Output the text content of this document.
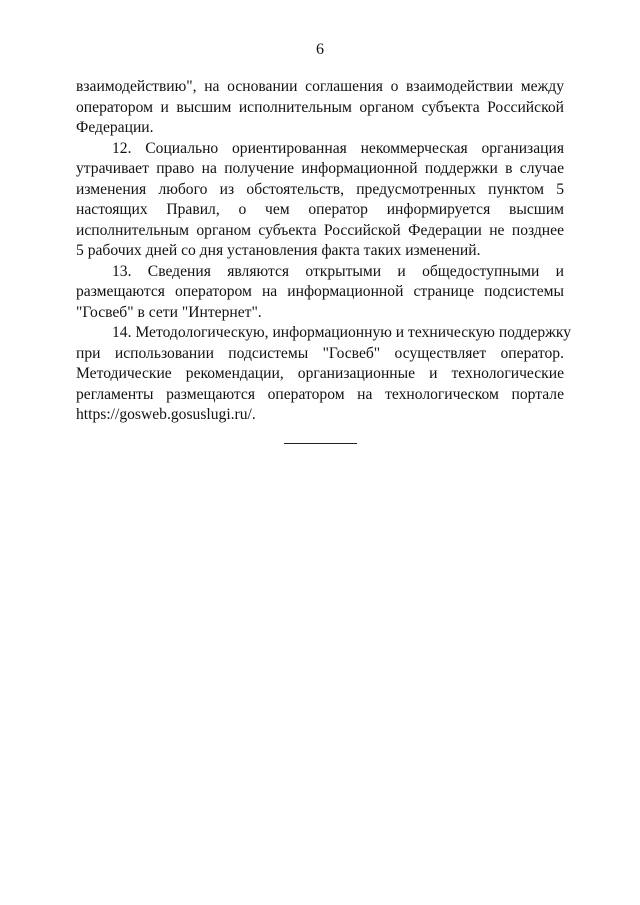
6
взаимодействию", на основании соглашения о взаимодействии между
оператором и высшим исполнительным органом субъекта Российской
Федерации.
12. Социально ориентированная некоммерческая организация
утрачивает право на получение информационной поддержки в случае
изменения любого из обстоятельств, предусмотренных пунктом 5
настоящих Правил, о чем оператор информируется высшим
исполнительным органом субъекта Российской Федерации не позднее
5 рабочих дней со дня установления факта таких изменений.
13. Сведения являются открытыми и общедоступными и
размещаются оператором на информационной странице подсистемы
"Госвеб" в сети "Интернет".
14. Методологическую, информационную и техническую поддержку
при использовании подсистемы "Госвеб" осуществляет оператор.
Методические рекомендации, организационные и технологические
регламенты размещаются оператором на технологическом портале
https://gosweb.gosuslugi.ru/.
